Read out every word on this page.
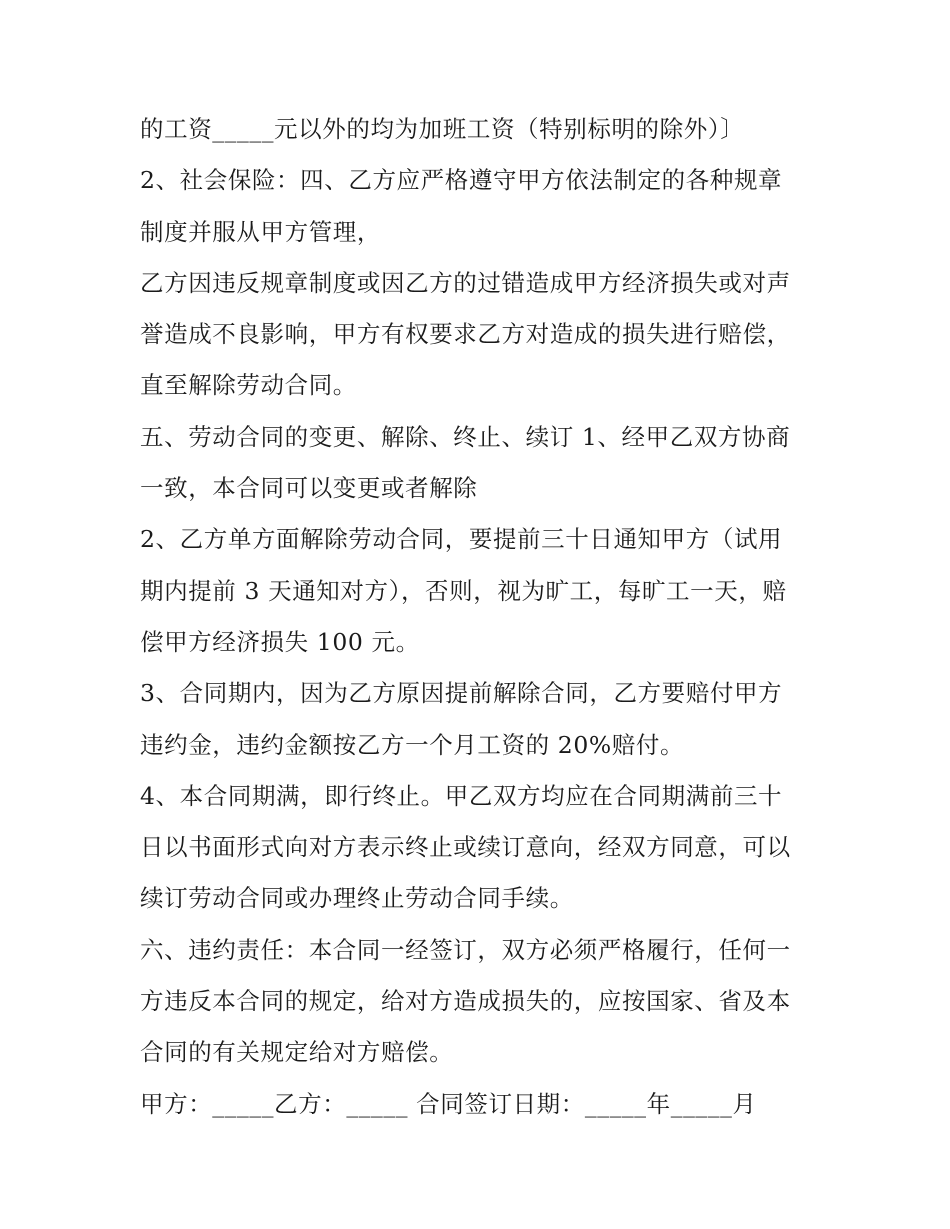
的工资_____元以外的均为加班工资（特别标明的除外）〕
2、社会保险：四、乙方应严格遵守甲方依法制定的各种规章
制度并服从甲方管理，
乙方因违反规章制度或因乙方的过错造成甲方经济损失或对声
誉造成不良影响，甲方有权要求乙方对造成的损失进行赔偿，
直至解除劳动合同。
五、劳动合同的变更、解除、终止、续订 1、经甲乙双方协商
一致，本合同可以变更或者解除
2、乙方单方面解除劳动合同，要提前三十日通知甲方（试用
期内提前 3 天通知对方），否则，视为旷工，每旷工一天，赔
偿甲方经济损失 100 元。
3、合同期内，因为乙方原因提前解除合同，乙方要赔付甲方
违约金，违约金额按乙方一个月工资的 20%赔付。
4、本合同期满，即行终止。甲乙双方均应在合同期满前三十
日以书面形式向对方表示终止或续订意向，经双方同意，可以
续订劳动合同或办理终止劳动合同手续。
六、违约责任：本合同一经签订，双方必须严格履行，任何一
方违反本合同的规定，给对方造成损失的，应按国家、省及本
合同的有关规定给对方赔偿。
甲方：_____乙方：_____ 合同签订日期：_____年_____月
